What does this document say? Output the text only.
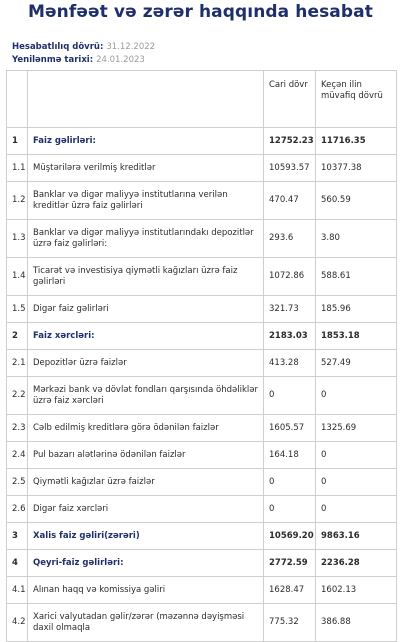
Mənfəət və zərər haqqında hesabat
Hesabatlılıq dövrü: 31.12.2022
Yenilənmə tarixi: 24.01.2023
		Cari dövr	Keçən ilin müvafiq dövrü
1	Faiz gəlirləri:	12752.23	11716.35
1.1	Müştərilərə verilmiş kreditlər	10593.57	10377.38
1.2	Banklar və digər maliyyə institutlarına verilən kreditlər üzrə faiz gəlirləri	470.47	560.59
1.3	Banklar və digər maliyyə institutlarındakı depozitlər üzrə faiz gəlirləri:	293.6	3.80
1.4	Ticarət və investisiya qiymətli kağızları üzrə faiz gəlirləri	1072.86	588.61
1.5	Digər faiz gəlirləri	321.73	185.96
2	Faiz xərcləri:	2183.03	1853.18
2.1	Depozitlər üzrə faizlər	413.28	527.49
2.2	Mərkəzi bank və dövlət fondları qarşısında öhdəliklər üzrə faiz xərcləri	0	0
2.3	Cəlb edilmiş kreditlərə görə ödənilən faizlər	1605.57	1325.69
2.4	Pul bazarı alətlərinə ödənilən faizlər	164.18	0
2.5	Qiymətli kağızlar üzrə faizlər	0	0
2.6	Digər faiz xərcləri	0	0
3	Xalis faiz gəliri(zərəri)	10569.20	9863.16
4	Qeyri-faiz gəlirləri:	2772.59	2236.28
4.1	Alınan haqq və komissiya gəliri	1628.47	1602.13
4.2	Xarici valyutadan gəlir/zərər (məzənnə dəyişməsi daxil olmaqla	775.32	386.88
